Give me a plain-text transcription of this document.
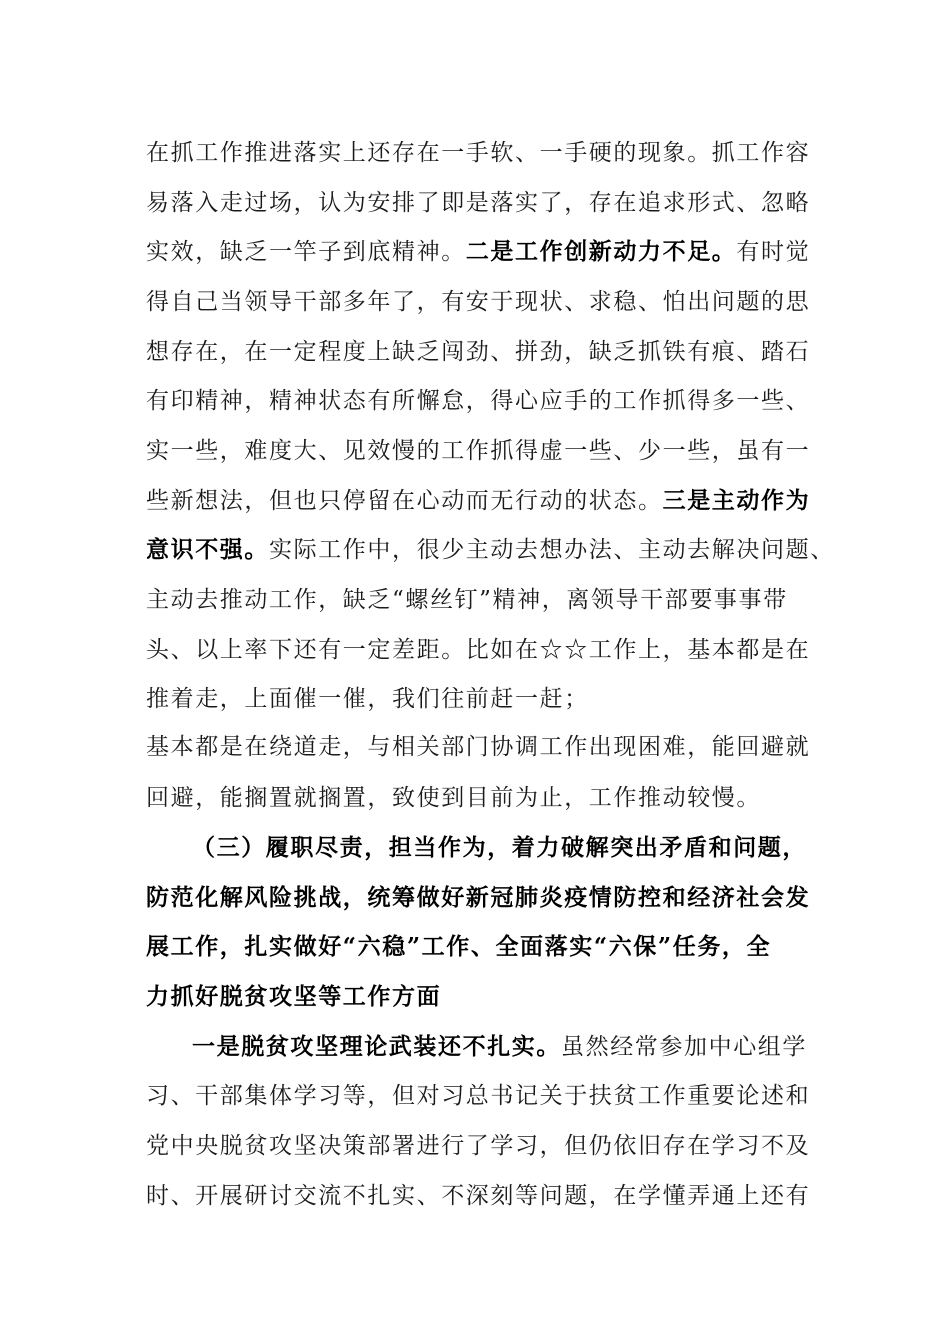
在抓工作推进落实上还存在一手软、一手硬的现象。抓工作容
易落入走过场，认为安排了即是落实了，存在追求形式、忽略
实效，缺乏一竿子到底精神。二是工作创新动力不足。有时觉
得自己当领导干部多年了，有安于现状、求稳、怕出问题的思
想存在，在一定程度上缺乏闯劲、拼劲，缺乏抓铁有痕、踏石
有印精神，精神状态有所懈怠，得心应手的工作抓得多一些、
实一些，难度大、见效慢的工作抓得虚一些、少一些，虽有一
些新想法，但也只停留在心动而无行动的状态。三是主动作为
意识不强。实际工作中，很少主动去想办法、主动去解决问题、
主动去推动工作，缺乏“螺丝钉”精神，离领导干部要事事带
头、以上率下还有一定差距。比如在☆☆工作上，基本都是在
推着走，上面催一催，我们往前赶一赶；
基本都是在绕道走，与相关部门协调工作出现困难，能回避就
回避，能搁置就搁置，致使到目前为止，工作推动较慢。
（三）履职尽责，担当作为，着力破解突出矛盾和问题，
防范化解风险挑战，统筹做好新冠肺炎疫情防控和经济社会发
展工作，扎实做好“六稳”工作、全面落实“六保”任务，全
力抓好脱贫攻坚等工作方面
一是脱贫攻坚理论武装还不扎实。虽然经常参加中心组学
习、干部集体学习等，但对习总书记关于扶贫工作重要论述和
党中央脱贫攻坚决策部署进行了学习，但仍依旧存在学习不及
时、开展研讨交流不扎实、不深刻等问题，在学懂弄通上还有
